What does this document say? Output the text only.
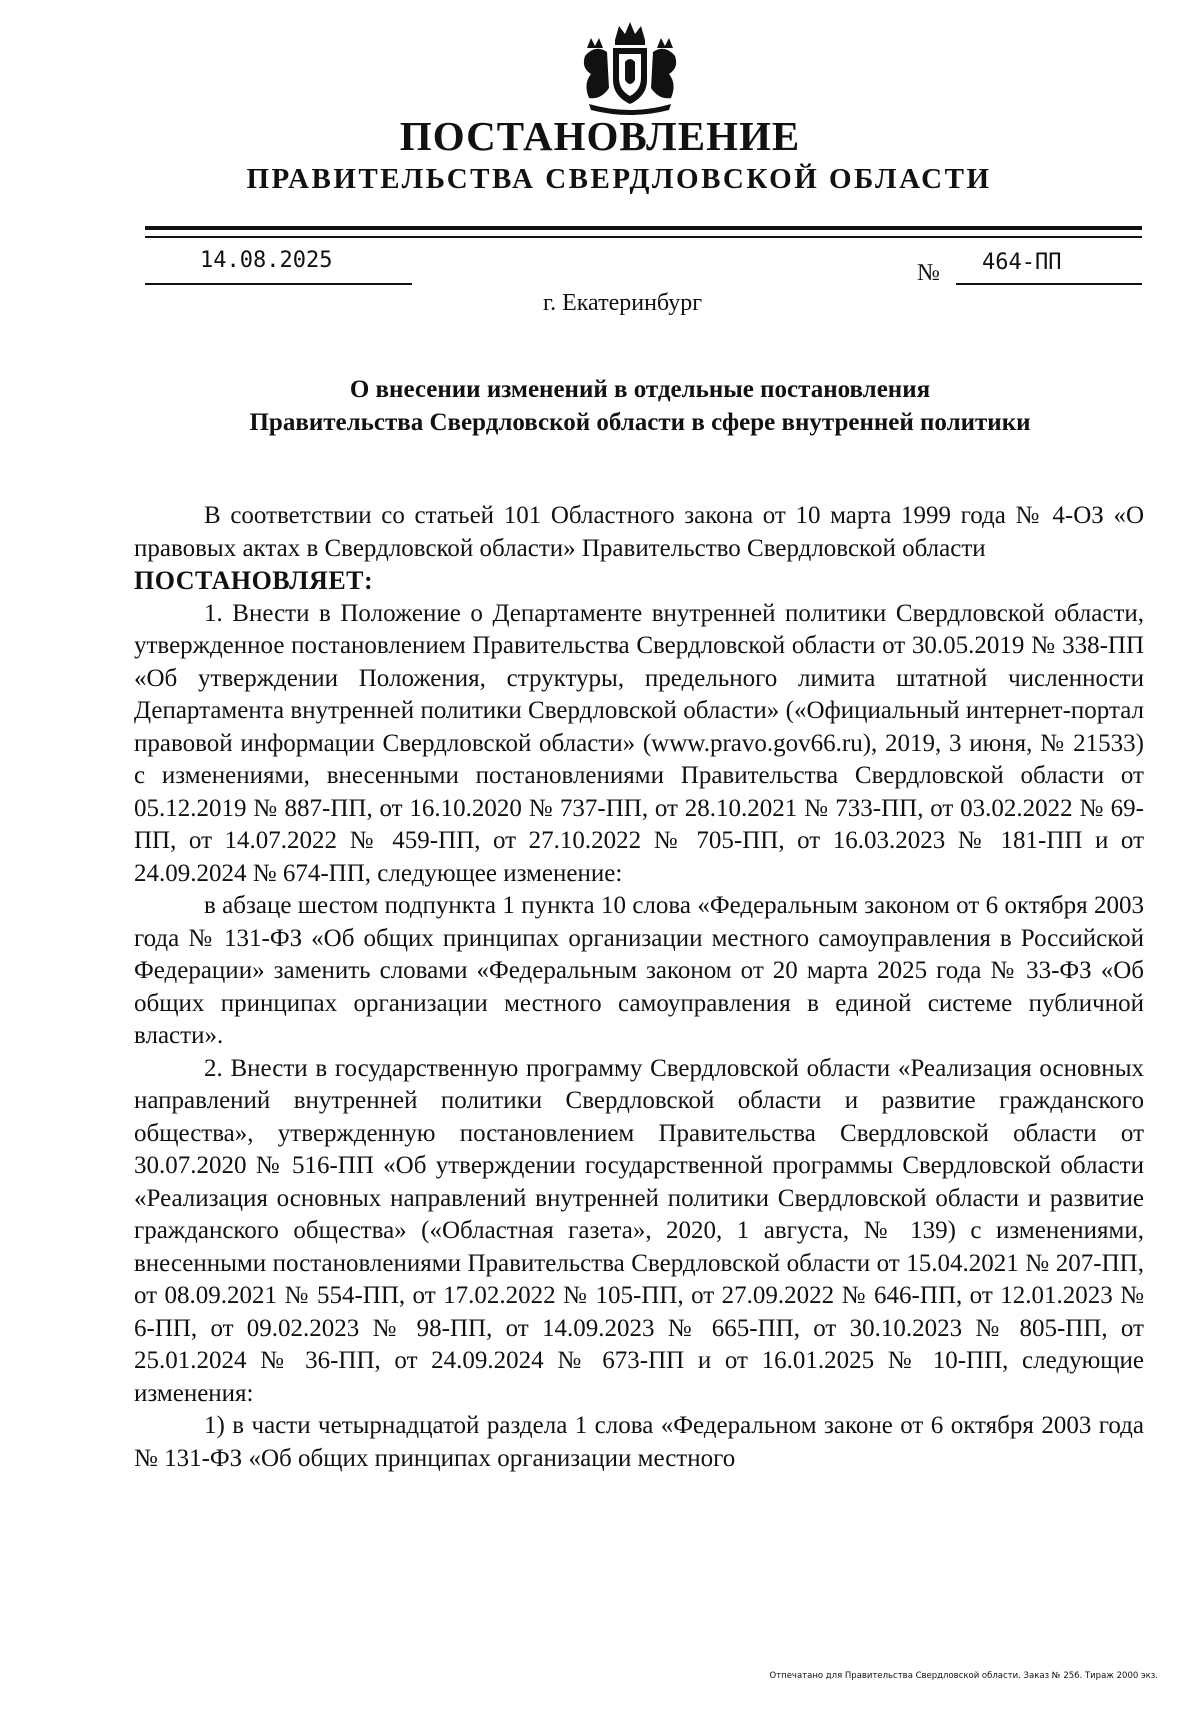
ПОСТАНОВЛЕНИЕ
ПРАВИТЕЛЬСТВА СВЕРДЛОВСКОЙ ОБЛАСТИ
14.08.2025	№ 464-ПП
г. Екатеринбург
О внесении изменений в отдельные постановления
Правительства Свердловской области в сфере внутренней политики

В соответствии со статьей 101 Областного закона от 10 марта 1999 года № 4-ОЗ «О правовых актах в Свердловской области» Правительство Свердловской области

ПОСТАНОВЛЯЕТ:

1. Внести в Положение о Департаменте внутренней политики Свердловской области, утвержденное постановлением Правительства Свердловской области от 30.05.2019 № 338-ПП «Об утверждении Положения, структуры, предельного лимита штатной численности Департамента внутренней политики Свердловской области» («Официальный интернет-портал правовой информации Свердловской области» (www.pravo.gov66.ru), 2019, 3 июня, № 21533) с изменениями, внесенными постановлениями Правительства Свердловской области от 05.12.2019 № 887-ПП, от 16.10.2020 № 737-ПП, от 28.10.2021 № 733-ПП, от 03.02.2022 № 69-ПП, от 14.07.2022 № 459-ПП, от 27.10.2022 № 705-ПП, от 16.03.2023 № 181-ПП и от 24.09.2024 № 674-ПП, следующее изменение:

в абзаце шестом подпункта 1 пункта 10 слова «Федеральным законом от 6 октября 2003 года № 131-ФЗ «Об общих принципах организации местного самоуправления в Российской Федерации» заменить словами «Федеральным законом от 20 марта 2025 года № 33-ФЗ «Об общих принципах организации местного самоуправления в единой системе публичной власти».

2. Внести в государственную программу Свердловской области «Реализация основных направлений внутренней политики Свердловской области и развитие гражданского общества», утвержденную постановлением Правительства Свердловской области от 30.07.2020 № 516-ПП «Об утверждении государственной программы Свердловской области «Реализация основных направлений внутренней политики Свердловской области и развитие гражданского общества» («Областная газета», 2020, 1 августа, № 139) с изменениями, внесенными постановлениями Правительства Свердловской области от 15.04.2021 № 207-ПП, от 08.09.2021 № 554-ПП, от 17.02.2022 № 105-ПП, от 27.09.2022 № 646-ПП, от 12.01.2023 № 6-ПП, от 09.02.2023 № 98-ПП, от 14.09.2023 № 665-ПП, от 30.10.2023 № 805-ПП, от 25.01.2024 № 36-ПП, от 24.09.2024 № 673-ПП и от 16.01.2025 № 10-ПП, следующие изменения:

1) в части четырнадцатой раздела 1 слова «Федеральном законе от 6 октября 2003 года № 131-ФЗ «Об общих принципах организации местного

Отпечатано для Правительства Свердловской области. Заказ № 256. Тираж 2000 экз.
